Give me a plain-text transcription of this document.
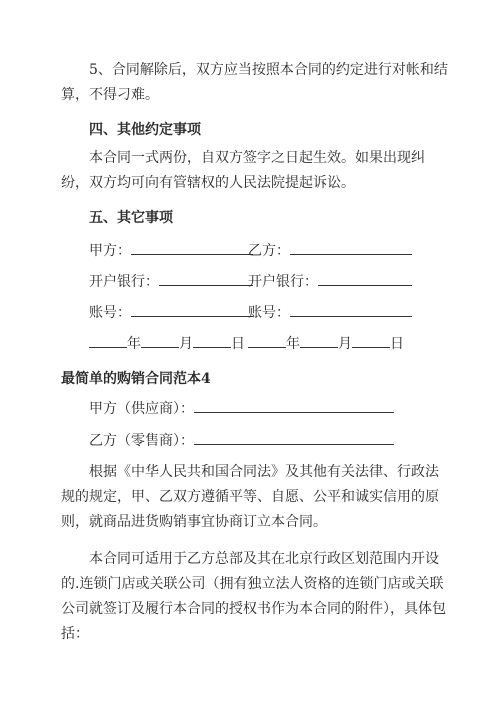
5、合同解除后，双方应当按照本合同的约定进行对帐和结算，不得刁难。

四、其他约定事项

本合同一式两份，自双方签字之日起生效。如果出现纠纷，双方均可向有管辖权的人民法院提起诉讼。

五、其它事项

甲方：	乙方：
开户银行：	开户银行：
账号：	账号：
年	月	日	年	月	日

最简单的购销合同范本4

甲方（供应商）：
乙方（零售商）：

根据《中华人民共和国合同法》及其他有关法律、行政法规的规定，甲、乙双方遵循平等、自愿、公平和诚实信用的原则，就商品进货购销事宜协商订立本合同。

本合同可适用于乙方总部及其在北京行政区划范围内开设的.连锁门店或关联公司（拥有独立法人资格的连锁门店或关联公司就签订及履行本合同的授权书作为本合同的附件），具体包括：
